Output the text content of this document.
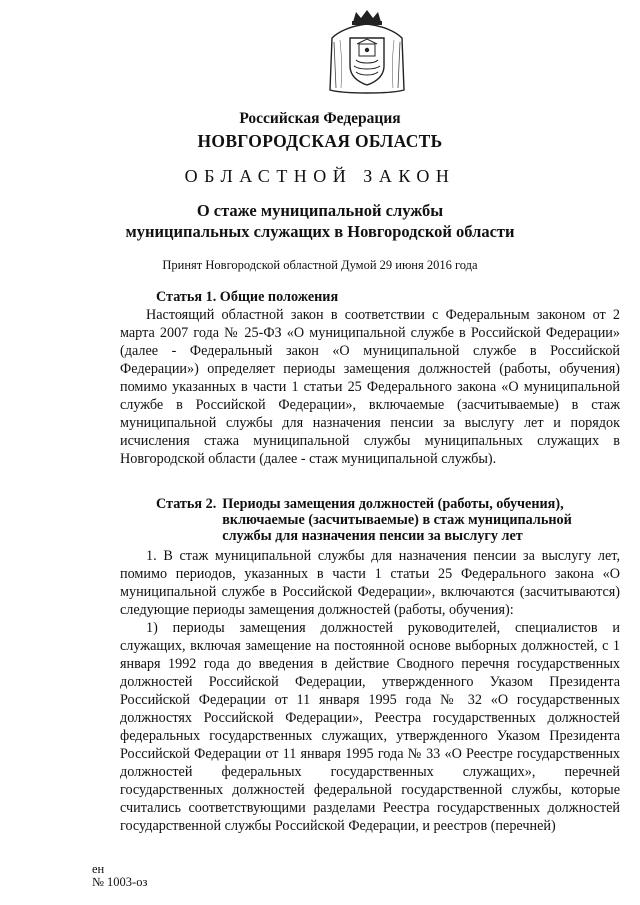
Российская Федерация
НОВГОРОДСКАЯ ОБЛАСТЬ
ОБЛАСТНОЙ ЗАКОН
О стаже муниципальной службы
муниципальных служащих в Новгородской области
Принят Новгородской областной Думой 29 июня 2016 года
Статья 1. Общие положения

Настоящий областной закон в соответствии с Федеральным законом от 2 марта 2007 года № 25-ФЗ «О муниципальной службе в Российской Федерации» (далее - Федеральный закон «О муниципальной службе в Российской Федерации») определяет периоды замещения должностей (работы, обучения) помимо указанных в части 1 статьи 25 Федерального закона «О муниципальной службе в Российской Федерации», включаемые (засчитываемые) в стаж муниципальной службы для назначения пенсии за выслугу лет и порядок исчисления стажа муниципальной службы муниципальных служащих в Новгородской области (далее - стаж муниципальной службы).

Статья 2. Периоды замещения должностей (работы, обучения), включаемые (засчитываемые) в стаж муниципальной службы для назначения пенсии за выслугу лет

1. В стаж муниципальной службы для назначения пенсии за выслугу лет, помимо периодов, указанных в части 1 статьи 25 Федерального закона «О муниципальной службе в Российской Федерации», включаются (засчитываются) следующие периоды замещения должностей (работы, обучения):

1) периоды замещения должностей руководителей, специалистов и служащих, включая замещение на постоянной основе выборных должностей, с 1 января 1992 года до введения в действие Сводного перечня государственных должностей Российской Федерации, утвержденного Указом Президента Российской Федерации от 11 января 1995 года № 32 «О государственных должностях Российской Федерации», Реестра государственных должностей федеральных государственных служащих, утвержденного Указом Президента Российской Федерации от 11 января 1995 года № 33 «О Реестре государственных должностей федеральных государственных служащих», перечней государственных должностей федеральной государственной службы, которые считались соответствующими разделами Реестра государственных должностей государственной службы Российской Федерации, и реестров (перечней)

ен
№ 1003-оз
